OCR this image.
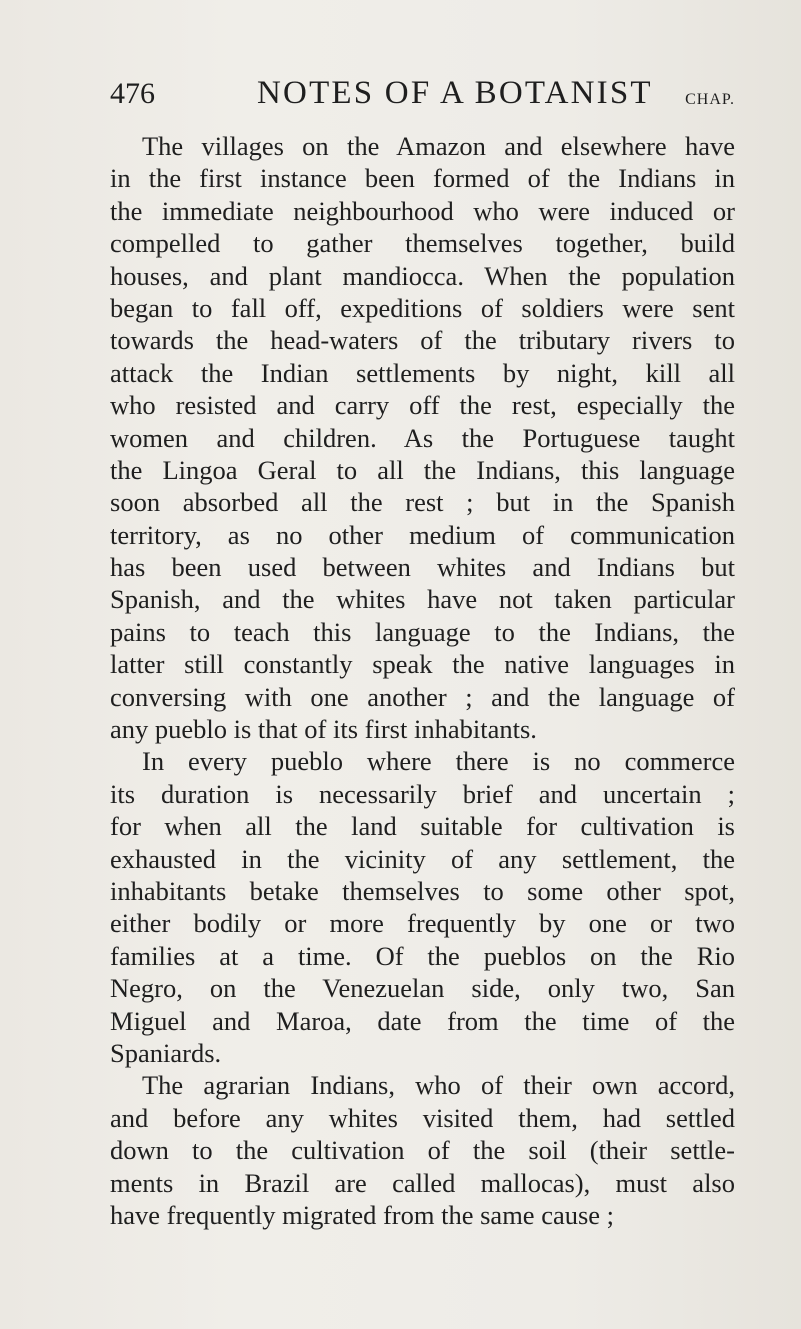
476	NOTES OF A BOTANIST CHAP.
The villages on the Amazon and elsewhere have
in the first instance been formed of the Indians in
the immediate neighbourhood who were induced or
compelled to gather themselves together, build
houses, and plant mandiocca. When the population
began to fall off, expeditions of soldiers were sent
towards the head-waters of the tributary rivers to
attack the Indian settlements by night, kill all
who resisted and carry off the rest, especially the
women and children. As the Portuguese taught
the Lingoa Geral to all the Indians, this language
soon absorbed all the rest ; but in the Spanish
territory, as no other medium of communication
has been used between whites and Indians but
Spanish, and the whites have not taken particular
pains to teach this language to the Indians, the
latter still constantly speak the native languages in
conversing with one another ; and the language of
any pueblo is that of its first inhabitants.
In every pueblo where there is no commerce
its duration is necessarily brief and uncertain ;
for when all the land suitable for cultivation is
exhausted in the vicinity of any settlement, the
inhabitants betake themselves to some other spot,
either bodily or more frequently by one or two
families at a time. Of the pueblos on the Rio
Negro, on the Venezuelan side, only two, San
Miguel and Maroa, date from the time of the
Spaniards.
The agrarian Indians, who of their own accord,
and before any whites visited them, had settled
down to the cultivation of the soil (their settle-
ments in Brazil are called mallocas), must also
have frequently migrated from the same cause ;
